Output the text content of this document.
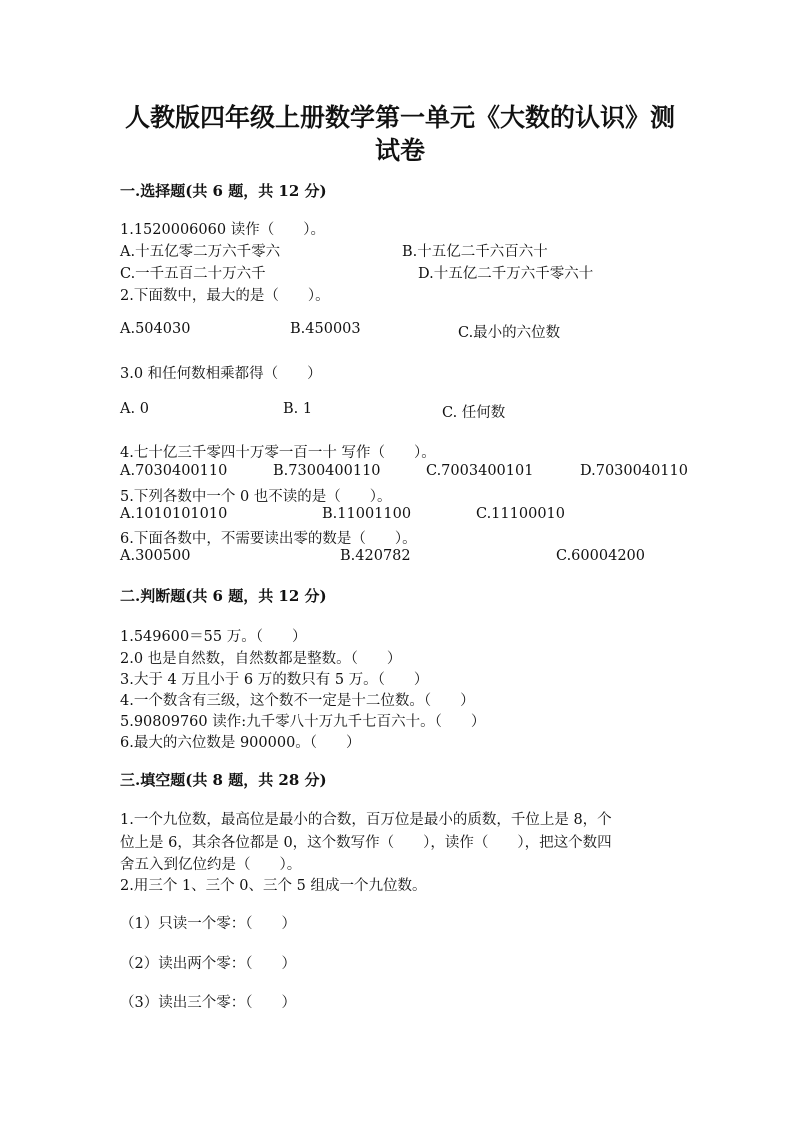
人教版四年级上册数学第一单元《大数的认识》测
试卷
一.选择题(共 6 题，共 12 分)
1.1520006060 读作（　　）。
A.十五亿零二万六千零六	B.十五亿二千六百六十
C.一千五百二十万六千	D.十五亿二千万六千零六十
2.下面数中，最大的是（　　）。
A.504030	B.450003	C.最小的六位数
3.0 和任何数相乘都得（　　）
A. 0	B. 1	C. 任何数
4.七十亿三千零四十万零一百一十 写作（　　）。
A.7030400110	B.7300400110	C.7003400101	D.7030040110
5.下列各数中一个 0 也不读的是（　　）。
A.1010101010	B.11001100	C.11100010
6.下面各数中，不需要读出零的数是（　　）。
A.300500	B.420782	C.60004200
二.判断题(共 6 题，共 12 分)
1.549600＝55 万。（　　）
2.0 也是自然数，自然数都是整数。（　　）
3.大于 4 万且小于 6 万的数只有 5 万。（　　）
4.一个数含有三级，这个数不一定是十二位数。（　　）
5.90809760 读作:九千零八十万九千七百六十。（　　）
6.最大的六位数是 900000。（　　）
三.填空题(共 8 题，共 28 分)
1.一个九位数，最高位是最小的合数，百万位是最小的质数，千位上是 8，个
位上是 6，其余各位都是 0，这个数写作（　　），读作（　　），把这个数四
舍五入到亿位约是（　　）。
2.用三个 1、三个 0、三个 5 组成一个九位数。
（1）只读一个零：（　　）
（2）读出两个零：（　　）
（3）读出三个零：（　　）
